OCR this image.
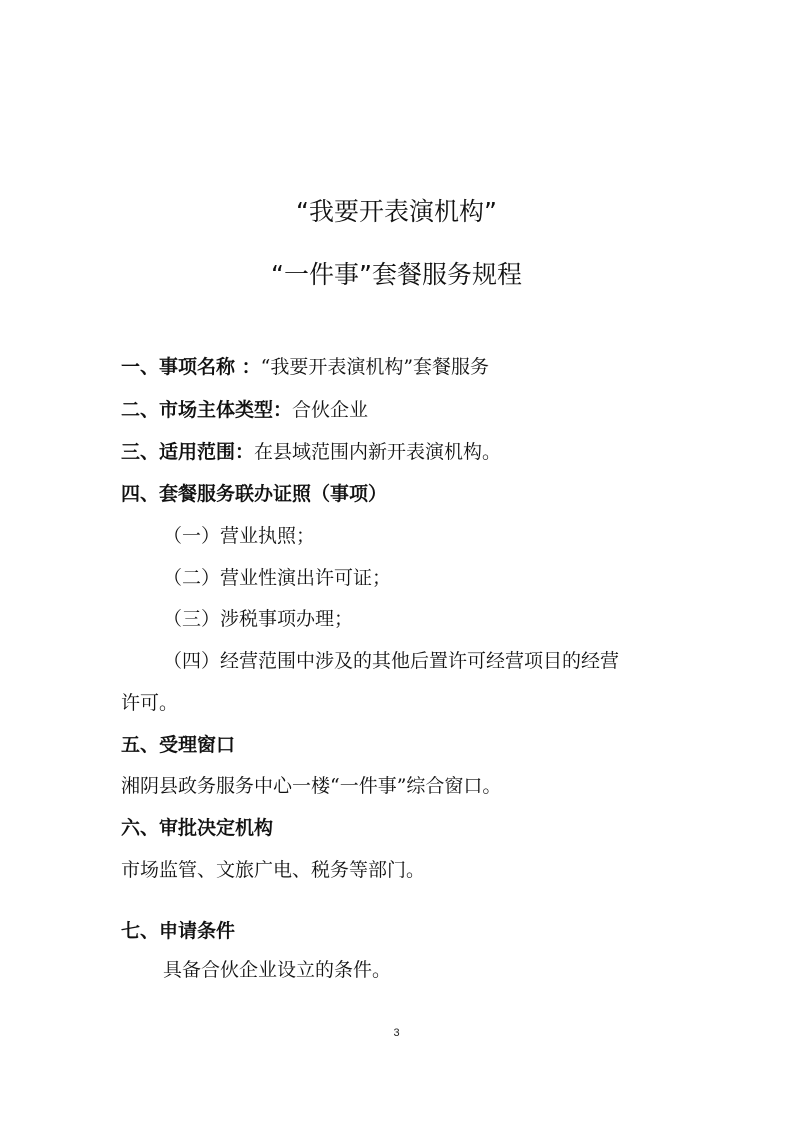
“我要开表演机构”
“一件事”套餐服务规程
一、事项名称 ：“我要开表演机构”套餐服务
二、市场主体类型：合伙企业
三、适用范围：在县域范围内新开表演机构。
四、套餐服务联办证照（事项）
（一）营业执照；
（二）营业性演出许可证；
（三）涉税事项办理；
（四）经营范围中涉及的其他后置许可经营项目的经营
许可。
五、受理窗口
湘阴县政务服务中心一楼“一件事”综合窗口。
六、审批决定机构
市场监管、文旅广电、税务等部门。
七、申请条件
具备合伙企业设立的条件。
3
